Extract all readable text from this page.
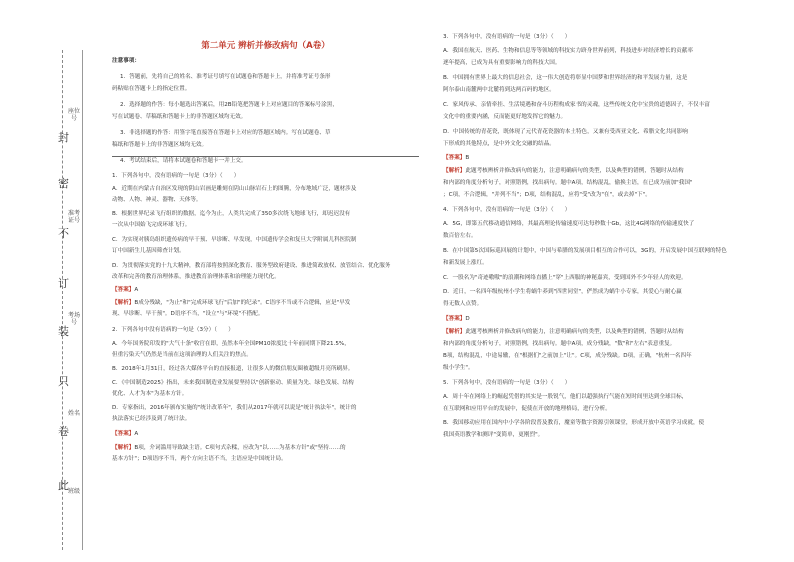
封
密
不
订
装
只
卷
此
座位号
准考证号
考场号
姓名
班级
第二单元 辨析并修改病句（A卷）
注意事项：
1．答题前，先将自己的姓名、准考证号填写在试题卷和答题卡上，并将准考证号条形
码粘贴在答题卡上的指定位置。
2．选择题的作答：每小题选出答案后，用2B铅笔把答题卡上对应题目的答案标号涂黑，
写在试题卷、草稿纸和答题卡上的非答题区域均无效。
3．非选择题的作答：用签字笔直接答在答题卡上对应的答题区域内。写在试题卷、草
稿纸和答题卡上的非答题区域均无效。
4．考试结束后，请将本试题卷和答题卡一并上交。
1．下列各句中，没有语病的一句是（3分）（　　）
A．近期在内蒙古自治区发现的阴山岩画是雕刻在阴山山脉岩石上的图腾，分布地域广泛，题材涉及
动物、人物、神灵、器物、天体等。
B．根据世界纪录飞行组织的数据，迄今为止，人类共完成了350多次绕飞地球飞行，却迟迟没有
一次从中国始飞完成环球飞行。
C．为实现对胰岛组织遗传病的早干预、早诊断、早发现，中国遗传学会和复旦大学附属儿科医院制
订中国新生儿基因筛查计划。
D．为贯彻落实党的十九大精神，教育部将按照深化教育、服务型政府建设、推进简政放权、放管结合、优化服务
改革和完善的教育治理体系，推进教育治理体系和治理能力现代化。
【答案】A
【解析】B成分残缺，"为止"和"完成环球飞行"后加"的纪录"。C语序不当或不合逻辑，应是"早发
现、早诊断、早干预"。D语序不当，"设立"与"环境"不搭配。
2．下列各句中没有语病的一句是（3分）（　　）
A．今年国务院印发的"大气十条"收官在即，虽然本年全国PM10浓度比十年前同期下降21.5%，
但重污染天气仍然是当前在这项治理的人们关注的焦点。
B．2018年1月31日，经过各大媒体平台的直接报道，让很多人的微信朋友圈被超级月亮所刷屏。
C．《中国制造2025》指出，未来我国制造业发展要坚持以"创新驱动、质量为先、绿色发展、结构
优化、人才为本"为基本方针。
D．专家指出，2016年颁布实施的"统计改革年"，我们从2017年就可以说是"统计执法年"，统计的
执法落实已经涉及到了统计法。
【答案】A
【解析】B项，介词滥用导致缺主语。C项句式杂糅，应改为"以……为基本方针"或"坚持……的
基本方针"；D项语序不当，两个方向主语不当，主语应是中国统计局。
3．下列各句中，没有语病的一句是（3分）（　　）
A．我国在航天、医药、生物和信息等等领域的科技实力跻身世界前列，科技进步对经济增长的贡献率
逐年提高，已成为具有重要影响力的科技大国。
B．中国拥有世界上最大的信息社会，这一伟大创造将彰显中国梦和世界经济的和平发展力量，这是
阿尔泰山南麓两中北麓将到达两百码的地区。
C．家风传承、亲情牵挂、生活境遇和奋斗历程构成家书的灵魂，这些传统文化中宝贵的道德因子，不仅丰富
文化中的重要内涵，反而能更好地发挥它的魅力。
D．中国传统的青花瓷，既体现了元代青花瓷器的本土特色，又兼有受西亚文化、希腊文化共同影响
下形成的其他特点，是中外文化交融的结晶。
【答案】B
【解析】此题考核辨析并修改病句的能力，注意明确病句的类型，以及典型的错例，答题时从结构
和内部的角度分析句子，对照错例，找出病句。题中A项，结构混乱，偷换主语，在已成为前加"我国"
；C项，不合逻辑，"并列不当"；D项，结构混乱，应将"受"改为"在"，或去掉"下"。
4．下列各句中，没有语病的一句是（3分）（　　）
A．5G，即第五代移动通信网络，其最高理论传输速度可达每秒数十Gb，这比4G网络的传输速度快了
数百倍左右。
B．在中国第5次国际巡回展的计划中，中国与希腊的发展项目相互的合作可以，3G的，开启发展中国互联网的特色
和新发展上涨红。
C．一股名为"奇迹嗷嗷"的浪潮和网络直播上"穿"上西服的神秘嘉宾，受到国外不少年轻人的欢迎。
D．近日，一名四年级杭州小学生将蜗牛养到"四世同堂"，俨然成为蜗牛小专家，其爱心与耐心赢
得无数人点赞。
【答案】D
【解析】此题考核辨析并修改病句的能力，注意明确病句的类型，以及典型的错例，答题时从结构
和内部的角度分析句子，对照错例，找出病句。题中A项，成分残缺，"数"和"左右"表意重复。
B项，结构混乱，中途易辙，在"根据们"之前加上"让"。C项，成分残缺。D项，正确，"杭州一名四年
级小学生"。
5．下列各句中，没有语病的一句是（3分）（　　）
A．周十年在网络上的崛起凭借的其实是一股锐气，他们以超强执行气能在短时间里达到全球目标，
在互联网和应用平台的发展中，促使在开放的地理格局，进行分析。
B．我国移动应用在国内中小学各阶段普及教育，魔童等数字资源引领课堂，形成开放中英语学习成就，使
我国英语教学和测评"变简单，更刚烈"。
